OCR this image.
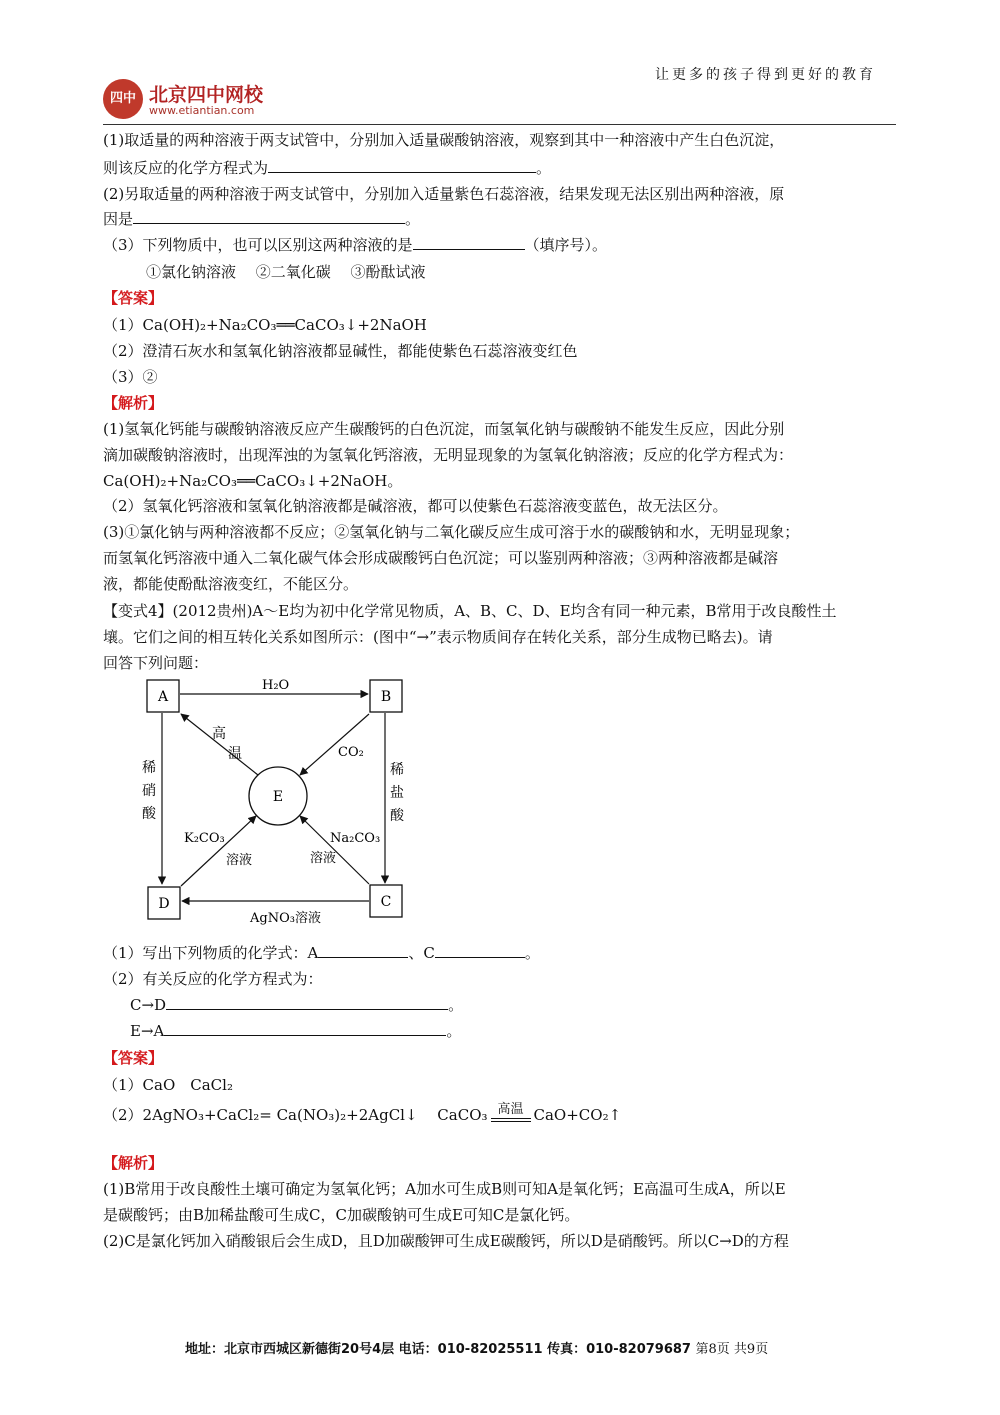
让更多的孩子得到更好的教育
四中 北京四中网校
www.etiantian.com
(1)取适量的两种溶液于两支试管中，分别加入适量碳酸钠溶液，观察到其中一种溶液中产生白色沉淀，
则该反应的化学方程式为	。
(2)另取适量的两种溶液于两支试管中，分别加入适量紫色石蕊溶液，结果发现无法区别出两种溶液，原
因是	。
（3）下列物质中，也可以区别这两种溶液的是	（填序号）。
①氯化钠溶液　 ②二氧化碳　 ③酚酞试液
【答案】
（1）Ca(OH)₂+Na₂CO₃══CaCO₃↓+2NaOH
（2）澄清石灰水和氢氧化钠溶液都显碱性，都能使紫色石蕊溶液变红色
（3）②
【解析】
(1)氢氧化钙能与碳酸钠溶液反应产生碳酸钙的白色沉淀，而氢氧化钠与碳酸钠不能发生反应，因此分别
滴加碳酸钠溶液时，出现浑浊的为氢氧化钙溶液，无明显现象的为氢氧化钠溶液；反应的化学方程式为：
Ca(OH)₂+Na₂CO₃══CaCO₃↓+2NaOH。
（2）氢氧化钙溶液和氢氧化钠溶液都是碱溶液，都可以使紫色石蕊溶液变蓝色，故无法区分。
(3)①氯化钠与两种溶液都不反应；②氢氧化钠与二氧化碳反应生成可溶于水的碳酸钠和水，无明显现象；
而氢氧化钙溶液中通入二氧化碳气体会形成碳酸钙白色沉淀；可以鉴别两种溶液；③两种溶液都是碱溶
液，都能使酚酞溶液变红，不能区分。
【变式4】(2012贵州)A～E均为初中化学常见物质，A、B、C、D、E均含有同一种元素，B常用于改良酸性土
壤。它们之间的相互转化关系如图所示：(图中“→”表示物质间存在转化关系，部分生成物已略去)。请
回答下列问题：
A	B
C
D
E
H₂O
高
温	CO₂
稀
硝
酸
稀
盐
酸
K₂CO₃
溶液
Na₂CO₃
溶液
AgNO₃溶液
（1）写出下列物质的化学式：A	、C	。
（2）有关反应的化学方程式为：
C→D	。
E→A	。
【答案】
（1）CaO　CaCl₂
（2）2AgNO₃+CaCl₂= Ca(NO₃)₂+2AgCl↓　 CaCO₃ 高温 CaO+CO₂↑
【解析】
(1)B常用于改良酸性土壤可确定为氢氧化钙；A加水可生成B则可知A是氧化钙；E高温可生成A，所以E
是碳酸钙；由B加稀盐酸可生成C，C加碳酸钠可生成E可知C是氯化钙。
(2)C是氯化钙加入硝酸银后会生成D，且D加碳酸钾可生成E碳酸钙，所以D是硝酸钙。所以C→D的方程
地址：北京市西城区新德街20号4层 电话：010-82025511 传真：010-82079687 第8页 共9页
